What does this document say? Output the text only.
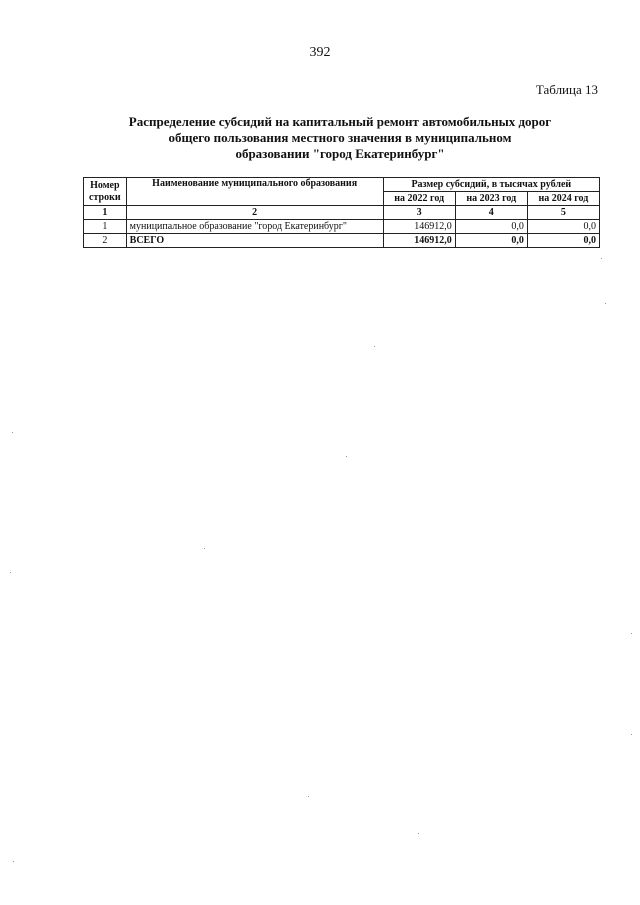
392
Таблица 13
Распределение субсидий на капитальный ремонт автомобильных дорог
общего пользования местного значения в муниципальном
образовании "город Екатеринбург"
Номер
строки	Наименование муниципального образования	Размер субсидий, в тысячах рублей		
		на 2022 год	на 2023 год	на 2024 год
1	2	3	4	5
1	муниципальное образование "город Екатеринбург"	146912,0	0,0	0,0
2	ВСЕГО	146912,0	0,0	0,0
